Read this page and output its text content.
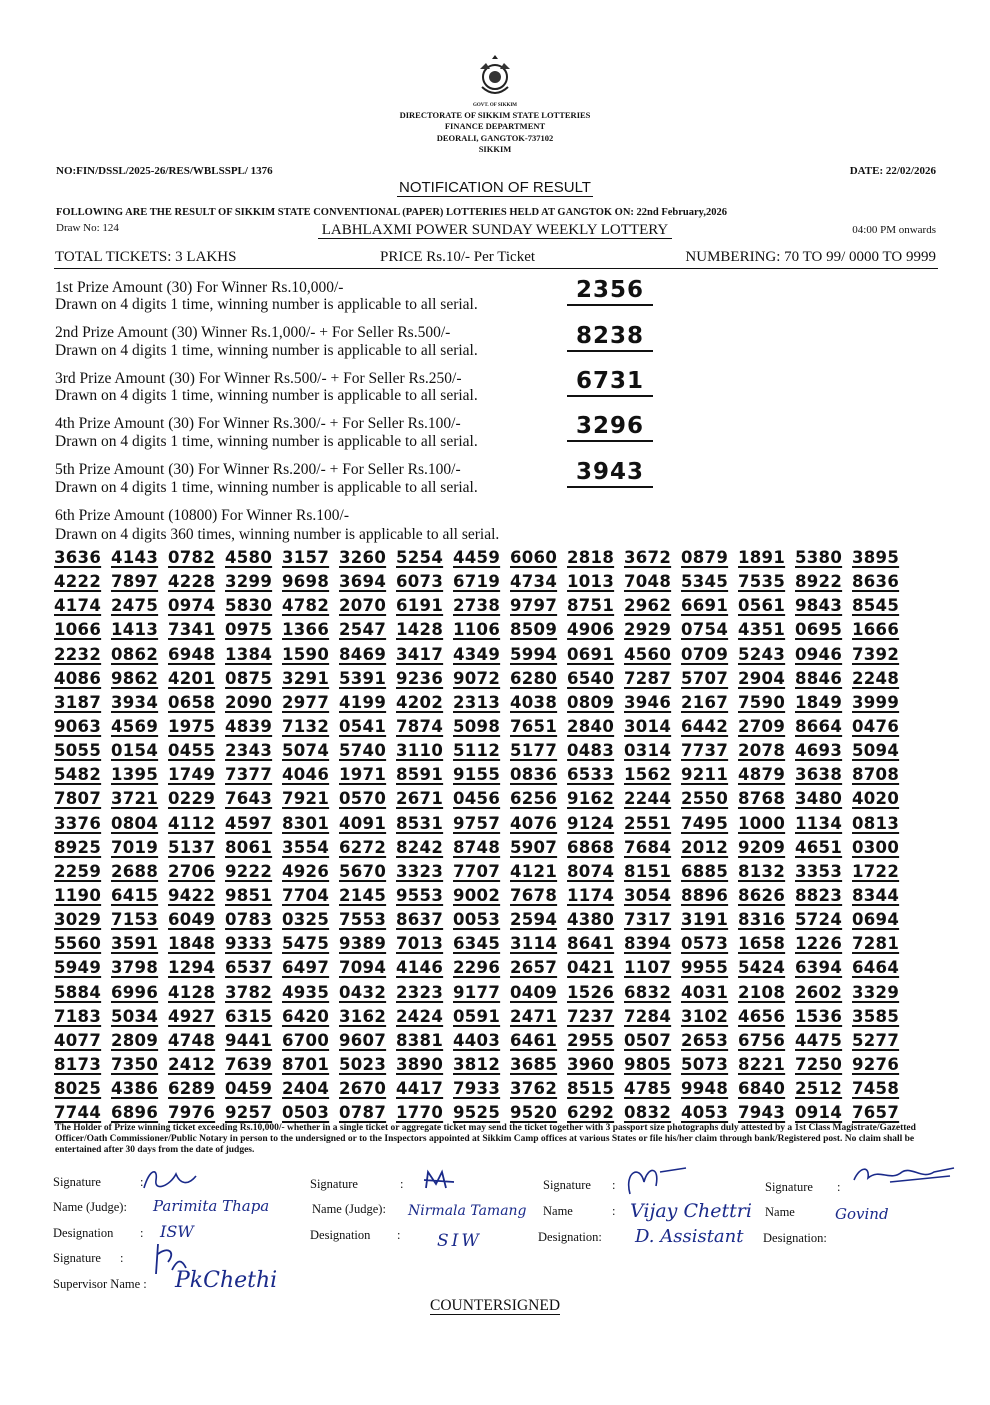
GOVT. OF SIKKIM
DIRECTORATE OF SIKKIM STATE LOTTERIES
FINANCE DEPARTMENT
DEORALI, GANGTOK-737102
SIKKIM
NO:FIN/DSSL/2025-26/RES/WBLSSPL/ 1376	DATE: 22/02/2026
NOTIFICATION OF RESULT
FOLLOWING ARE THE RESULT OF SIKKIM STATE CONVENTIONAL (PAPER) LOTTERIES HELD AT GANGTOK ON: 22nd February,2026
Draw No: 124	LABHLAXMI POWER SUNDAY WEEKLY LOTTERY	04:00 PM onwards
TOTAL TICKETS: 3 LAKHS	PRICE Rs.10/- Per Ticket	NUMBERING: 70 TO 99/ 0000 TO 9999
1st Prize Amount (30) For Winner Rs.10,000/-
Drawn on 4 digits 1 time, winning number is applicable to all serial.
2356
2nd Prize Amount (30) Winner Rs.1,000/- + For Seller Rs.500/-
Drawn on 4 digits 1 time, winning number is applicable to all serial.
8238
3rd Prize Amount (30) For Winner Rs.500/- + For Seller Rs.250/-
Drawn on 4 digits 1 time, winning number is applicable to all serial.
6731
4th Prize Amount (30) For Winner Rs.300/- + For Seller Rs.100/-
Drawn on 4 digits 1 time, winning number is applicable to all serial.
3296
5th Prize Amount (30) For Winner Rs.200/- + For Seller Rs.100/-
Drawn on 4 digits 1 time, winning number is applicable to all serial.
3943
6th Prize Amount (10800) For Winner Rs.100/-
Drawn on 4 digits 360 times, winning number is applicable to all serial.
3636 4143 0782 4580 3157 3260 5254 4459 6060 2818 3672 0879 1891 5380 3895
4222 7897 4228 3299 9698 3694 6073 6719 4734 1013 7048 5345 7535 8922 8636
4174 2475 0974 5830 4782 2070 6191 2738 9797 8751 2962 6691 0561 9843 8545
1066 1413 7341 0975 1366 2547 1428 1106 8509 4906 2929 0754 4351 0695 1666
2232 0862 6948 1384 1590 8469 3417 4349 5994 0691 4560 0709 5243 0946 7392
4086 9862 4201 0875 3291 5391 9236 9072 6280 6540 7287 5707 2904 8846 2248
3187 3934 0658 2090 2977 4199 4202 2313 4038 0809 3946 2167 7590 1849 3999
9063 4569 1975 4839 7132 0541 7874 5098 7651 2840 3014 6442 2709 8664 0476
5055 0154 0455 2343 5074 5740 3110 5112 5177 0483 0314 7737 2078 4693 5094
5482 1395 1749 7377 4046 1971 8591 9155 0836 6533 1562 9211 4879 3638 8708
7807 3721 0229 7643 7921 0570 2671 0456 6256 9162 2244 2550 8768 3480 4020
3376 0804 4112 4597 8301 4091 8531 9757 4076 9124 2551 7495 1000 1134 0813
8925 7019 5137 8061 3554 6272 8242 8748 5907 6868 7684 2012 9209 4651 0300
2259 2688 2706 9222 4926 5670 3323 7707 4121 8074 8151 6885 8132 3353 1722
1190 6415 9422 9851 7704 2145 9553 9002 7678 1174 3054 8896 8626 8823 8344
3029 7153 6049 0783 0325 7553 8637 0053 2594 4380 7317 3191 8316 5724 0694
5560 3591 1848 9333 5475 9389 7013 6345 3114 8641 8394 0573 1658 1226 7281
5949 3798 1294 6537 6497 7094 4146 2296 2657 0421 1107 9955 5424 6394 6464
5884 6996 4128 3782 4935 0432 2323 9177 0409 1526 6832 4031 2108 2602 3329
7183 5034 4927 6315 6420 3162 2424 0591 2471 7237 7284 3102 4656 1536 3585
4077 2809 4748 9441 6700 9607 8381 4403 6461 2955 0507 2653 6756 4475 5277
8173 7350 2412 7639 8701 5023 3890 3812 3685 3960 9805 5073 8221 7250 9276
8025 4386 6289 0459 2404 2670 4417 7933 3762 8515 4785 9948 6840 2512 7458
7744 6896 7976 9257 0503 0787 1770 9525 9520 6292 0832 4053 7943 0914 7657
The Holder of Prize winning ticket exceeding Rs.10,000/- whether in a single ticket or aggregate ticket may send the ticket together with 3 passport size photographs duly attested by a 1st Class Magistrate/Gazetted Officer/Oath Commissioner/Public Notary in person to the undersigned or to the Inspectors appointed at Sikkim Camp offices at various States or file his/her claim through bank/Registered post. No claim shall be entertained after 30 days from the date of judges.
Signature	:
Name (Judge): Parimita Thapa
Designation : ISW
Signature :
Supervisor Name : PkChethi
Signature	:
Name (Judge): Nirmala Tamang
Designation : SIW
Signature :
Name	: Vijay Chettri
Designation: D. Assistant
Signature :
Name	Govind
Designation:
COUNTERSIGNED
